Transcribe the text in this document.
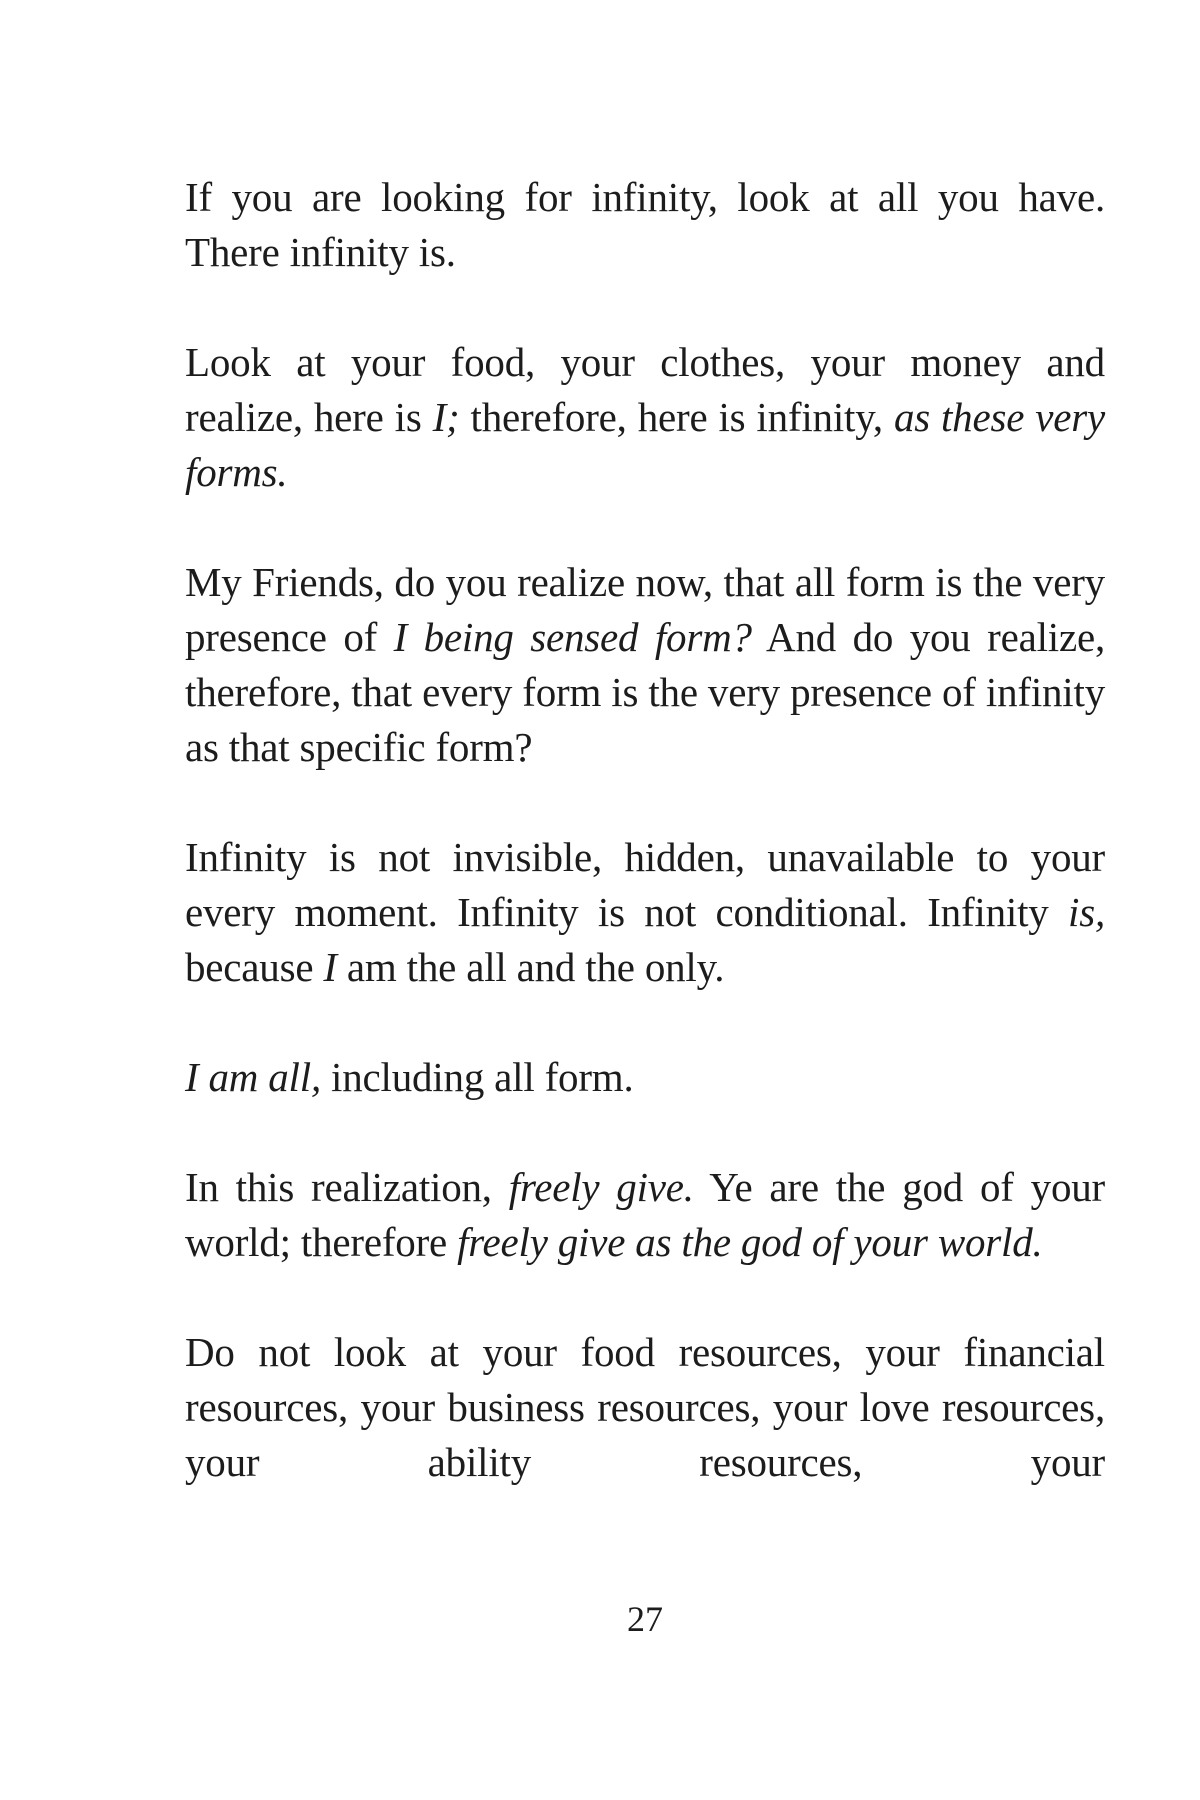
If you are looking for infinity, look at all you have. There infinity is.

Look at your food, your clothes, your money and realize, here is I; therefore, here is infinity, as these very forms.

My Friends, do you realize now, that all form is the very presence of I being sensed form? And do you realize, therefore, that every form is the very presence of infinity as that specific form?

Infinity is not invisible, hidden, unavailable to your every moment. Infinity is not conditional. Infinity is, because I am the all and the only.

I am all, including all form.

In this realization, freely give. Ye are the god of your world; therefore freely give as the god of your world.

Do not look at your food resources, your financial resources, your business resources, your love resources, your ability resources, your

27
